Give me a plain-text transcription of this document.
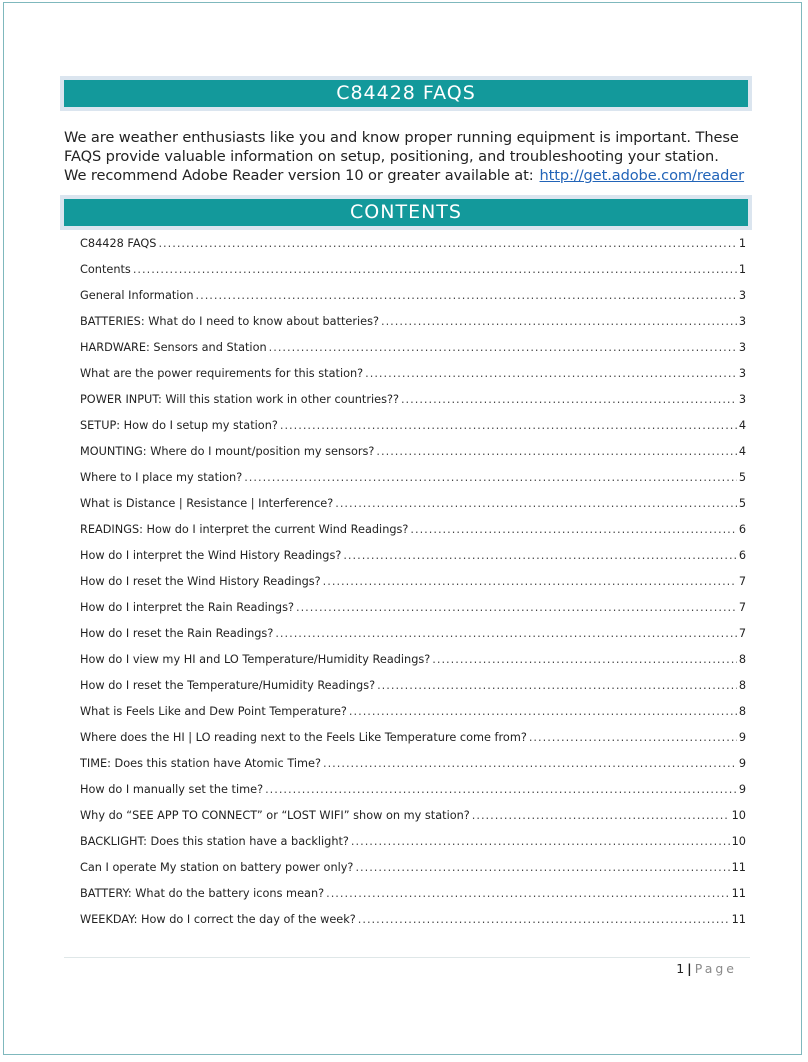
C84428 FAQS
We are weather enthusiasts like you and know proper running equipment is important. These
FAQS provide valuable information on setup, positioning, and troubleshooting your station.
We recommend Adobe Reader version 10 or greater available at: http://get.adobe.com/reader
CONTENTS
C84428 FAQS .....	1
Contents .....	1
General Information .....	3
BATTERIES: What do I need to know about batteries? .....	3
HARDWARE: Sensors and Station .....	3
What are the power requirements for this station? .....	3
POWER INPUT: Will this station work in other countries?? .....	3
SETUP: How do I setup my station? .....	4
MOUNTING: Where do I mount/position my sensors? .....	4
Where to I place my station? .....	5
What is Distance | Resistance | Interference? .....	5
READINGS: How do I interpret the current Wind Readings? .....	6
How do I interpret the Wind History Readings? .....	6
How do I reset the Wind History Readings? .....	7
How do I interpret the Rain Readings? .....	7
How do I reset the Rain Readings? .....	7
How do I view my HI and LO Temperature/Humidity Readings? .....	8
How do I reset the Temperature/Humidity Readings? .....	8
What is Feels Like and Dew Point Temperature? .....	8
Where does the HI | LO reading next to the Feels Like Temperature come from? .....	9
TIME: Does this station have Atomic Time? .....	9
How do I manually set the time? .....	9
Why do “SEE APP TO CONNECT” or “LOST WIFI” show on my station? .....	10
BACKLIGHT: Does this station have a backlight? .....	10
Can I operate My station on battery power only? .....	11
BATTERY: What do the battery icons mean? .....	11
WEEKDAY: How do I correct the day of the week? .....	11
1 | Page
